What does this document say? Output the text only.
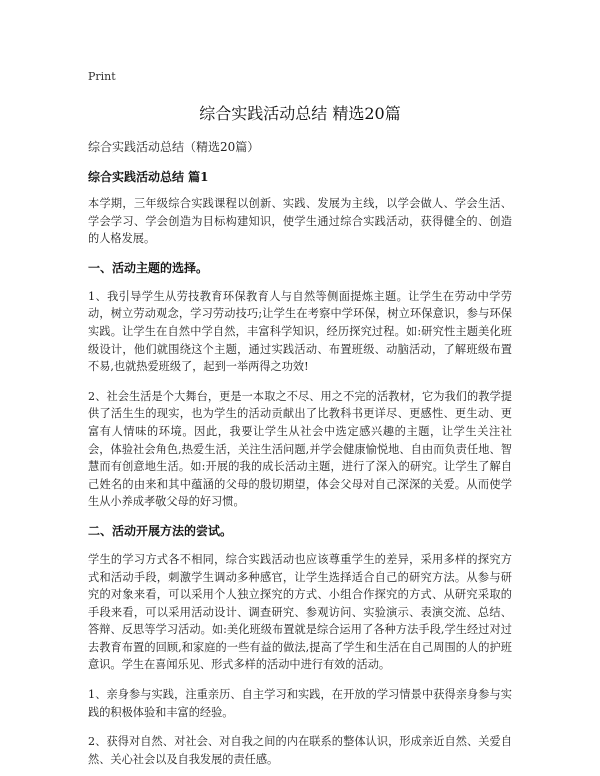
Print
综合实践活动总结 精选20篇

综合实践活动总结（精选20篇）

综合实践活动总结 篇1

本学期，三年级综合实践课程以创新、实践、发展为主线，以学会做人、学会生活、学会学习、学会创造为目标构建知识，使学生通过综合实践活动，获得健全的、创造的人格发展。

一、活动主题的选择。

1、我引导学生从劳技教育环保教育人与自然等侧面提炼主题。让学生在劳动中学劳动，树立劳动观念，学习劳动技巧;让学生在考察中学环保，树立环保意识，参与环保实践。让学生在自然中学自然，丰富科学知识，经历探究过程。如:研究性主题美化班级设计，他们就围绕这个主题，通过实践活动、布置班级、动脑活动，了解班级布置不易,也就热爱班级了，起到一举两得之功效!

2、社会生活是个大舞台，更是一本取之不尽、用之不完的活教材，它为我们的教学提供了活生生的现实，也为学生的活动贡献出了比教科书更详尽、更感性、更生动、更富有人情味的环境。因此，我要让学生从社会中选定感兴趣的主题，让学生关注社会，体验社会角色,热爱生活，关注生活问题,并学会健康愉悦地、自由而负责任地、智慧而有创意地生活。如:开展的我的成长活动主题，进行了深入的研究。让学生了解自己姓名的由来和其中蕴涵的父母的殷切期望，体会父母对自己深深的关爱。从而使学生从小养成孝敬父母的好习惯。

二、活动开展方法的尝试。

学生的学习方式各不相同，综合实践活动也应该尊重学生的差异，采用多样的探究方式和活动手段，刺激学生调动多种感官，让学生选择适合自己的研究方法。从参与研究的对象来看，可以采用个人独立探究的方式、小组合作探究的方式、从研究采取的手段来看，可以采用活动设计、调查研究、参观访问、实验演示、表演交流、总结、答辩、反思等学习活动。如:美化班级布置就是综合运用了各种方法手段,学生经过对过去教育布置的回顾,和家庭的一些有益的做法,提高了学生和生活在自己周围的人的护班意识。学生在喜闻乐见、形式多样的活动中进行有效的活动。

1、亲身参与实践，注重亲历、自主学习和实践，在开放的学习情景中获得亲身参与实践的积极体验和丰富的经验。

2、获得对自然、对社会、对自我之间的内在联系的整体认识，形成亲近自然、关爱自然、关心社会以及自我发展的责任感。
